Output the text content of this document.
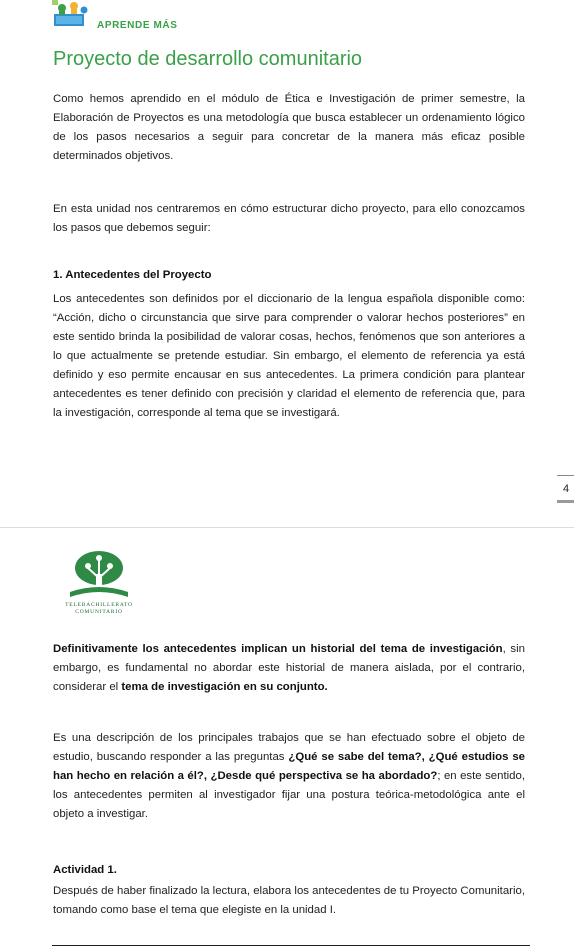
APRENDE MÁS
Proyecto de desarrollo comunitario
Como hemos aprendido en el módulo de Ética e Investigación de primer semestre, la Elaboración de Proyectos es una metodología que busca establecer un ordenamiento lógico de los pasos necesarios a seguir para concretar de la manera más eficaz posible determinados objetivos.
En esta unidad nos centraremos en cómo estructurar dicho proyecto, para ello conozcamos los pasos que debemos seguir:
1. Antecedentes del Proyecto
Los antecedentes son definidos por el diccionario de la lengua española disponible como: “Acción, dicho o circunstancia que sirve para comprender o valorar hechos posteriores” en este sentido brinda la posibilidad de valorar cosas, hechos, fenómenos que son anteriores a lo que actualmente se pretende estudiar. Sin embargo, el elemento de referencia ya está definido y eso permite encausar en sus antecedentes. La primera condición para plantear antecedentes es tener definido con precisión y claridad el elemento de referencia que, para la investigación, corresponde al tema que se investigará.
4
TELEBACHILLERATO
COMUNITARIO
Definitivamente los antecedentes implican un historial del tema de investigación, sin embargo, es fundamental no abordar este historial de manera aislada, por el contrario, considerar el tema de investigación en su conjunto.
Es una descripción de los principales trabajos que se han efectuado sobre el objeto de estudio, buscando responder a las preguntas ¿Qué se sabe del tema?, ¿Qué estudios se han hecho en relación a él?, ¿Desde qué perspectiva se ha abordado?; en este sentido, los antecedentes permiten al investigador fijar una postura teórica-metodológica ante el objeto a investigar.
Actividad 1.
Después de haber finalizado la lectura, elabora los antecedentes de tu Proyecto Comunitario, tomando como base el tema que elegiste en la unidad I.
